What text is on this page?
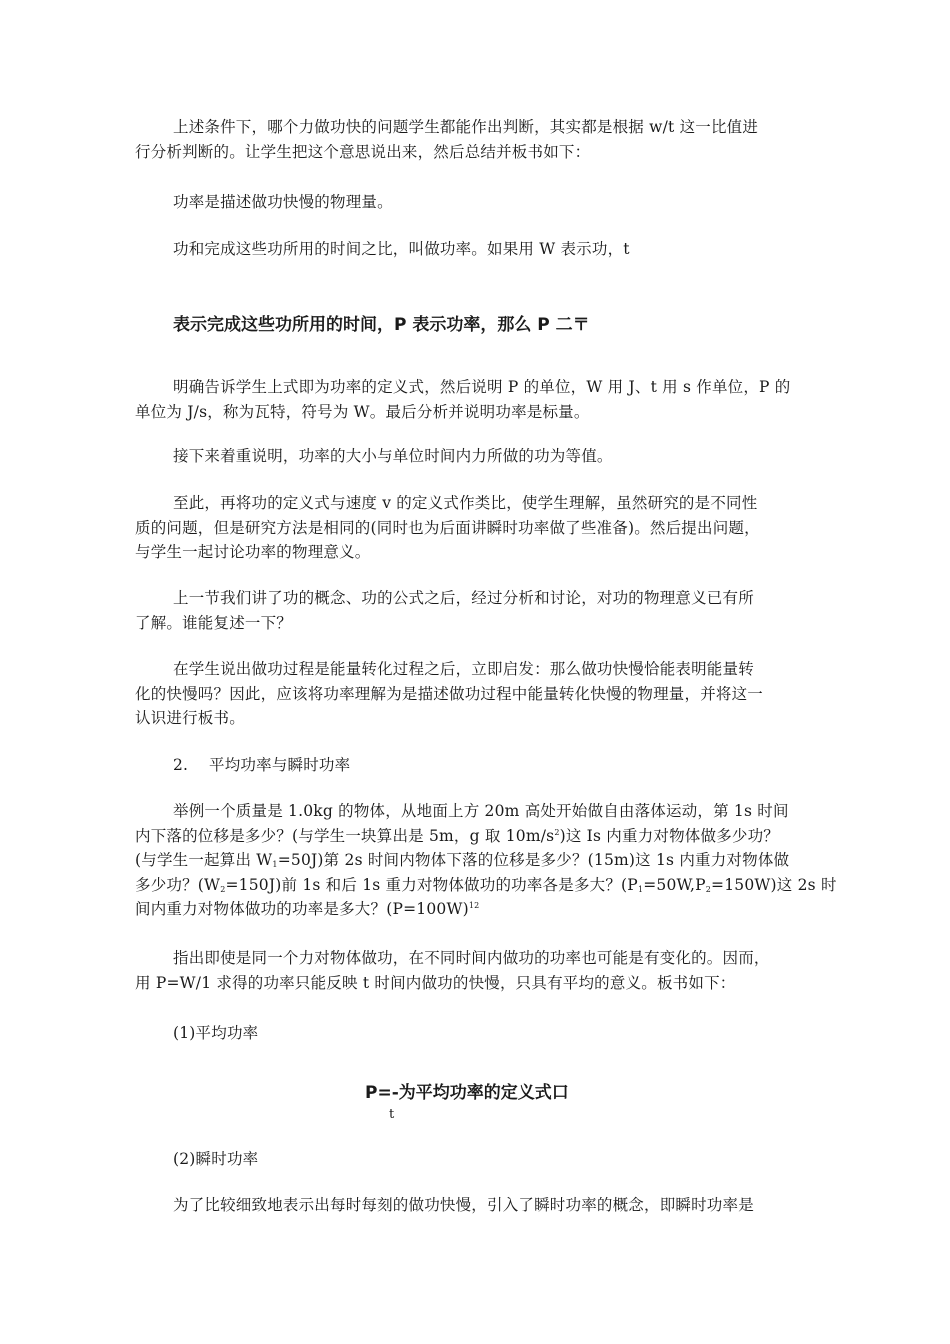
上述条件下，哪个力做功快的问题学生都能作出判断，其实都是根据 w/t 这一比值进
行分析判断的。让学生把这个意思说出来，然后总结并板书如下：

功率是描述做功快慢的物理量。

功和完成这些功所用的时间之比，叫做功率。如果用 W 表示功，t

表示完成这些功所用的时间，P 表示功率，那么 P 二〒

明确告诉学生上式即为功率的定义式，然后说明 P 的单位，W 用 J、t 用 s 作单位，P 的
单位为 J/s，称为瓦特，符号为 W。最后分析并说明功率是标量。

接下来着重说明，功率的大小与单位时间内力所做的功为等值。

至此，再将功的定义式与速度 v 的定义式作类比，使学生理解，虽然研究的是不同性
质的问题，但是研究方法是相同的(同时也为后面讲瞬时功率做了些准备)。然后提出问题，
与学生一起讨论功率的物理意义。

上一节我们讲了功的概念、功的公式之后，经过分析和讨论，对功的物理意义已有所
了解。谁能复述一下？

在学生说出做功过程是能量转化过程之后，立即启发：那么做功快慢恰能表明能量转
化的快慢吗？因此，应该将功率理解为是描述做功过程中能量转化快慢的物理量，并将这一
认识进行板书。

2.　 平均功率与瞬时功率

举例一个质量是 1.0kg 的物体，从地面上方 20m 高处开始做自由落体运动，第 1s 时间
内下落的位移是多少？(与学生一块算出是 5m，g 取 $10m/s^2$)这 Is 内重力对物体做多少功？
(与学生一起算出 $W_1=50J$)第 2s 时间内物体下落的位移是多少？(15m)这 1s 内重力对物体做
多少功？$(W_2=150J)$前 1s 和后 1s 重力对物体做功的功率各是多大？$(P_1=50W,P_2=150W)$这 2s 时
间内重力对物体做功的功率是多大？(P=100W)$^{12}$

指出即使是同一个力对物体做功，在不同时间内做功的功率也可能是有变化的。因而，
用 P=W/1 求得的功率只能反映 t 时间内做功的快慢，只具有平均的意义。板书如下：

(1)平均功率

P=-为平均功率的定义式口

t

(2)瞬时功率

为了比较细致地表示出每时每刻的做功快慢，引入了瞬时功率的概念，即瞬时功率是
